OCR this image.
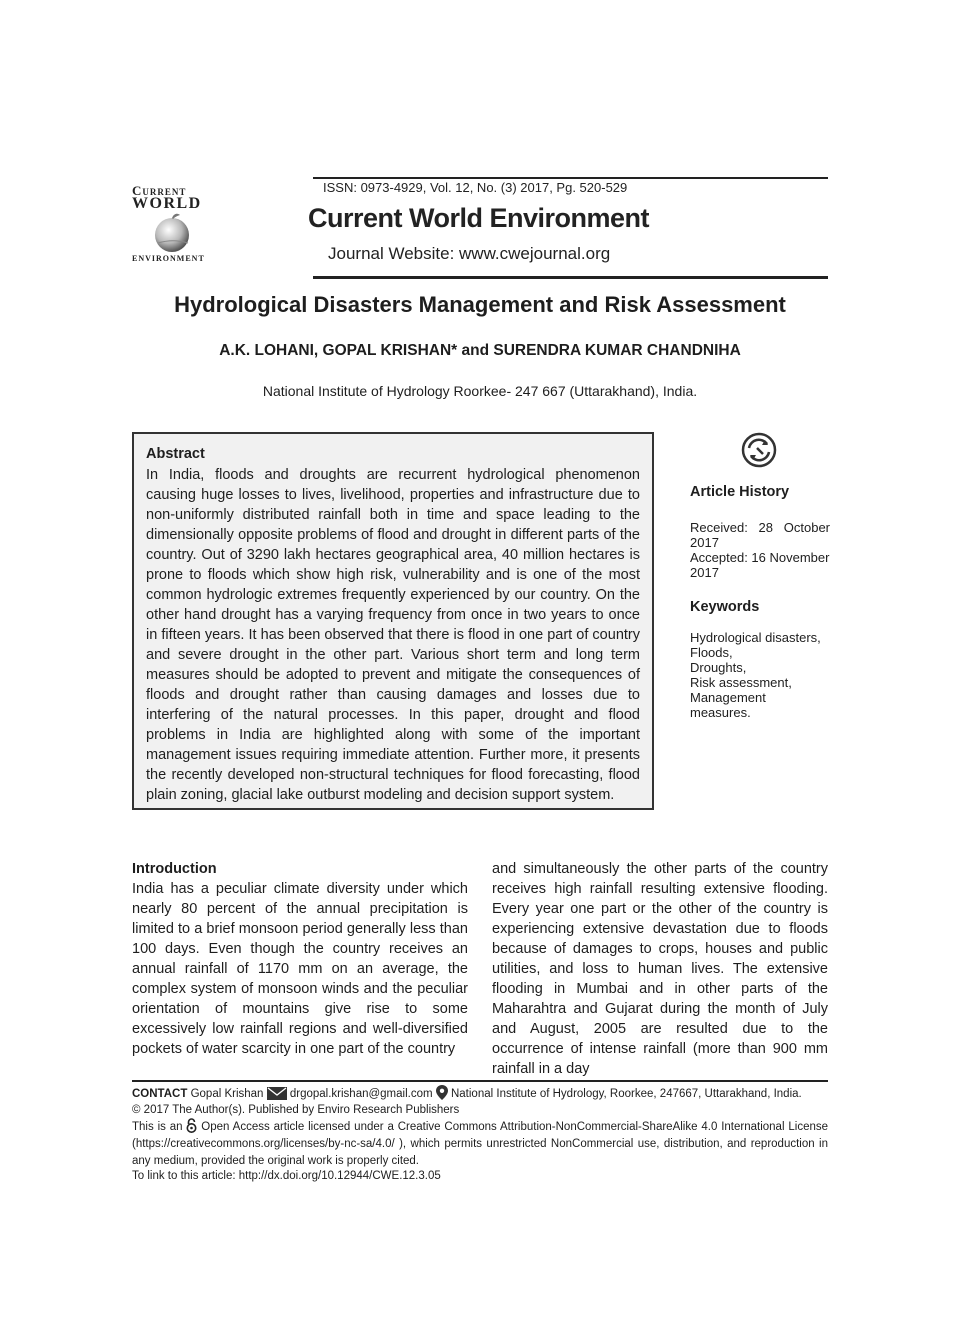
Current
WORLD
ENVIRONMENT
ISSN: 0973-4929, Vol. 12, No. (3) 2017, Pg. 520-529
Current World Environment
Journal Website: www.cwejournal.org
Hydrological Disasters Management and Risk Assessment
A.K. LOHANI, GOPAL KRISHAN* and SURENDRA KUMAR CHANDNIHA
National Institute of Hydrology Roorkee- 247 667 (Uttarakhand), India.

Abstract

In India, floods and droughts are recurrent hydrological phenomenon causing huge losses to lives, livelihood, properties and infrastructure due to non-uniformly distributed rainfall both in time and space leading to the dimensionally opposite problems of flood and drought in different parts of the country. Out of 3290 lakh hectares geographical area, 40 million hectares is prone to floods which show high risk, vulnerability and is one of the most common hydrologic extremes frequently experienced by our country. On the other hand drought has a varying frequency from once in two years to once in fifteen years. It has been observed that there is flood in one part of country and severe drought in the other part. Various short term and long term measures should be adopted to prevent and mitigate the consequences of floods and drought rather than causing damages and losses due to interfering of the natural processes. In this paper, drought and flood problems in India are highlighted along with some of the important management issues requiring immediate attention. Further more, it presents the recently developed non-structural techniques for flood forecasting, flood plain zoning, glacial lake outburst modeling and decision support system.

Article History
Received: 28 October 2017
Accepted: 16 November 2017
Keywords
Hydrological disasters,
Floods,
Droughts,
Risk assessment,
Management measures.

Introduction

India has a peculiar climate diversity under which nearly 80 percent of the annual precipitation is limited to a brief monsoon period generally less than 100 days. Even though the country receives an annual rainfall of 1170 mm on an average, the complex system of monsoon winds and the peculiar orientation of mountains give rise to some excessively low rainfall regions and well-diversified pockets of water scarcity in one part of the country

and simultaneously the other parts of the country receives high rainfall resulting extensive flooding. Every year one part or the other of the country is experiencing extensive devastation due to floods because of damages to crops, houses and public utilities, and loss to human lives. The extensive flooding in Mumbai and in other parts of the Maharahtra and Gujarat during the month of July and August, 2005 are resulted due to the occurrence of intense rainfall (more than 900 mm rainfall in a day

CONTACT Gopal Krishan drgopal.krishan@gmail.com National Institute of Hydrology, Roorkee, 247667, Uttarakhand, India.
© 2017 The Author(s). Published by Enviro Research Publishers
This is an Open Access article licensed under a Creative Commons Attribution-NonCommercial-ShareAlike 4.0 International License (https://creativecommons.org/licenses/by-nc-sa/4.0/ ), which permits unrestricted NonCommercial use, distribution, and reproduction in any medium, provided the original work is properly cited.
To link to this article: http://dx.doi.org/10.12944/CWE.12.3.05
